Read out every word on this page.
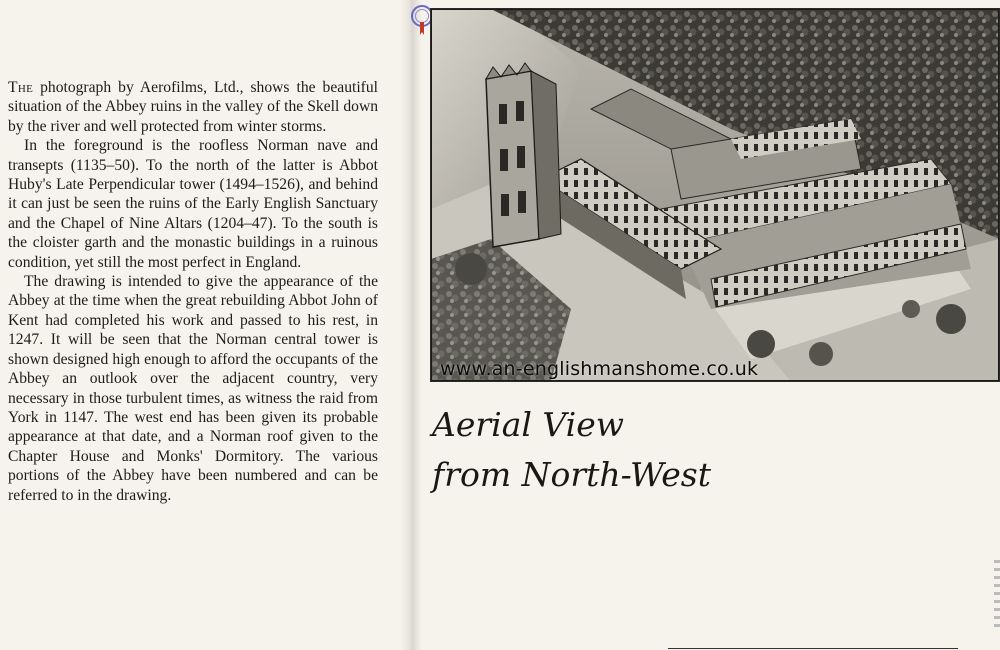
The photograph by Aerofilms, Ltd., shows the beautiful situation of the Abbey ruins in the valley of the Skell down by the river and well protected from winter storms.

In the foreground is the roofless Norman nave and transepts (1135–50). To the north of the latter is Abbot Huby's Late Perpendicular tower (1494–1526), and behind it can just be seen the ruins of the Early English Sanctuary and the Chapel of Nine Altars (1204–47). To the south is the cloister garth and the monastic buildings in a ruinous condition, yet still the most perfect in England.

The drawing is intended to give the appearance of the Abbey at the time when the great rebuilding Abbot John of Kent had completed his work and passed to his rest, in 1247. It will be seen that the Norman central tower is shown designed high enough to afford the occupants of the Abbey an outlook over the adjacent country, very necessary in those turbulent times, as witness the raid from York in 1147. The west end has been given its probable appearance at that date, and a Norman roof given to the Chapter House and Monks' Dormitory. The various portions of the Abbey have been numbered and can be referred to in the drawing.

www.an-englishmanshome.co.uk
Aerial View
from North-West
